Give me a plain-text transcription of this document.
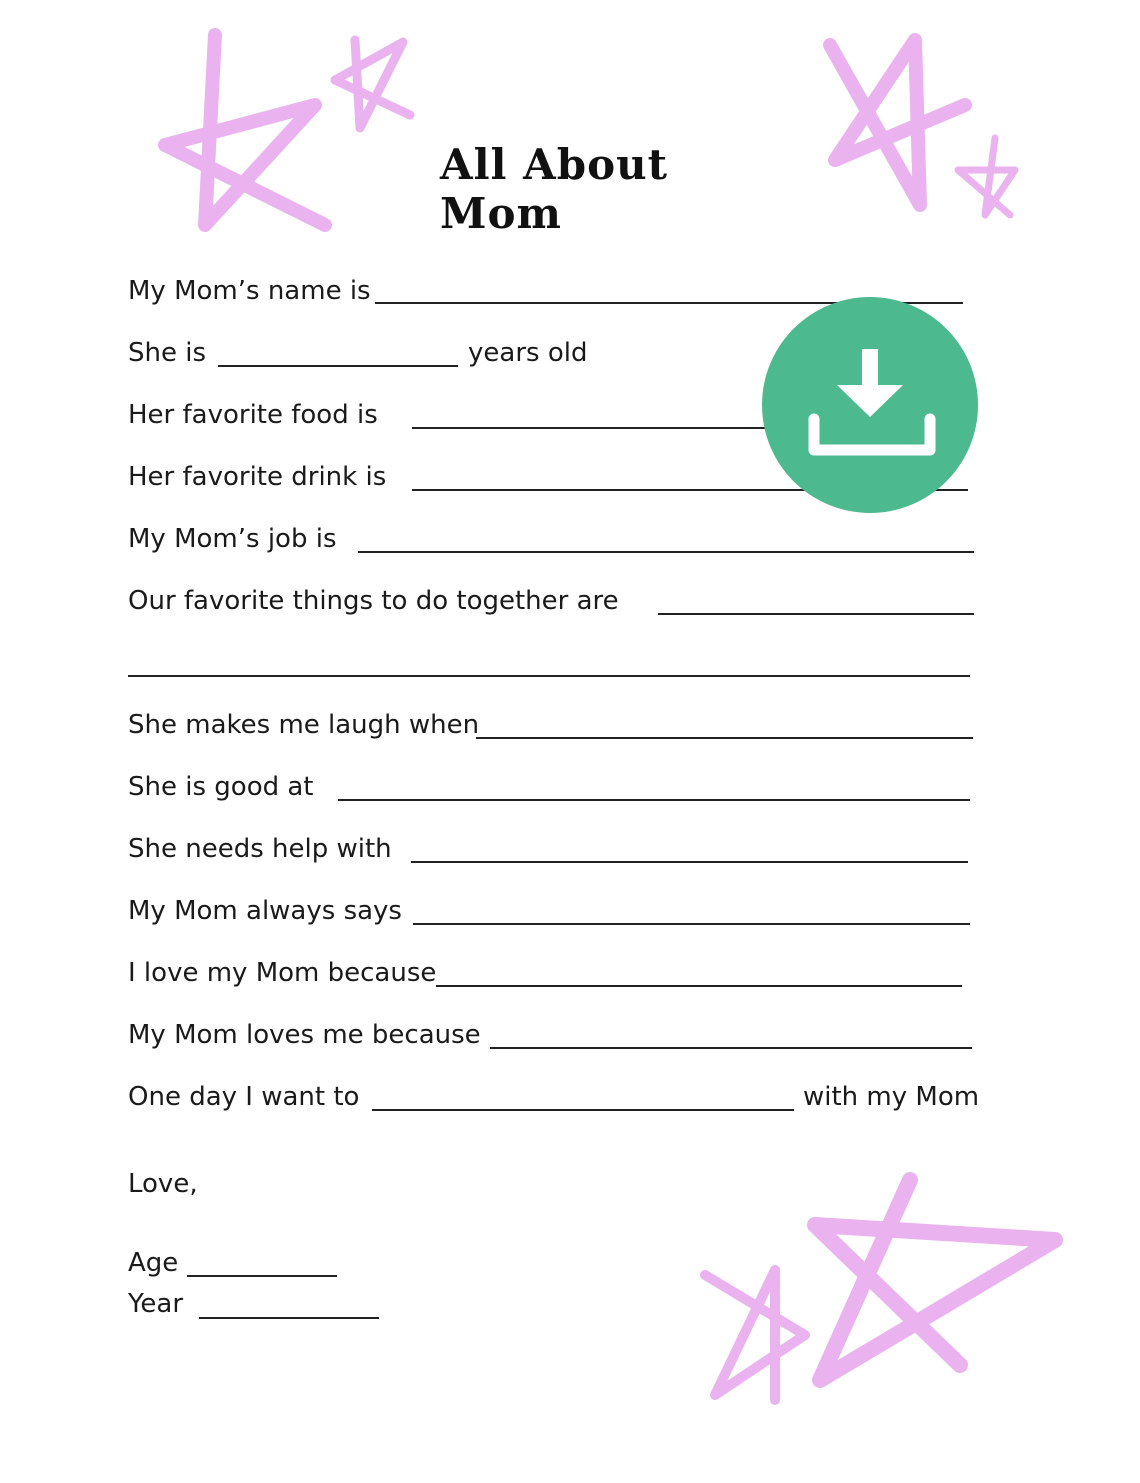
All About Mom
My Mom’s name is
She is	years old
Her favorite food is
Her favorite drink is
My Mom’s job is
Our favorite things to do together are
She makes me laugh when
She is good at
She needs help with
My Mom always says
I love my Mom because
My Mom loves me because
One day I want to	with my Mom
Love,
Age
Year
